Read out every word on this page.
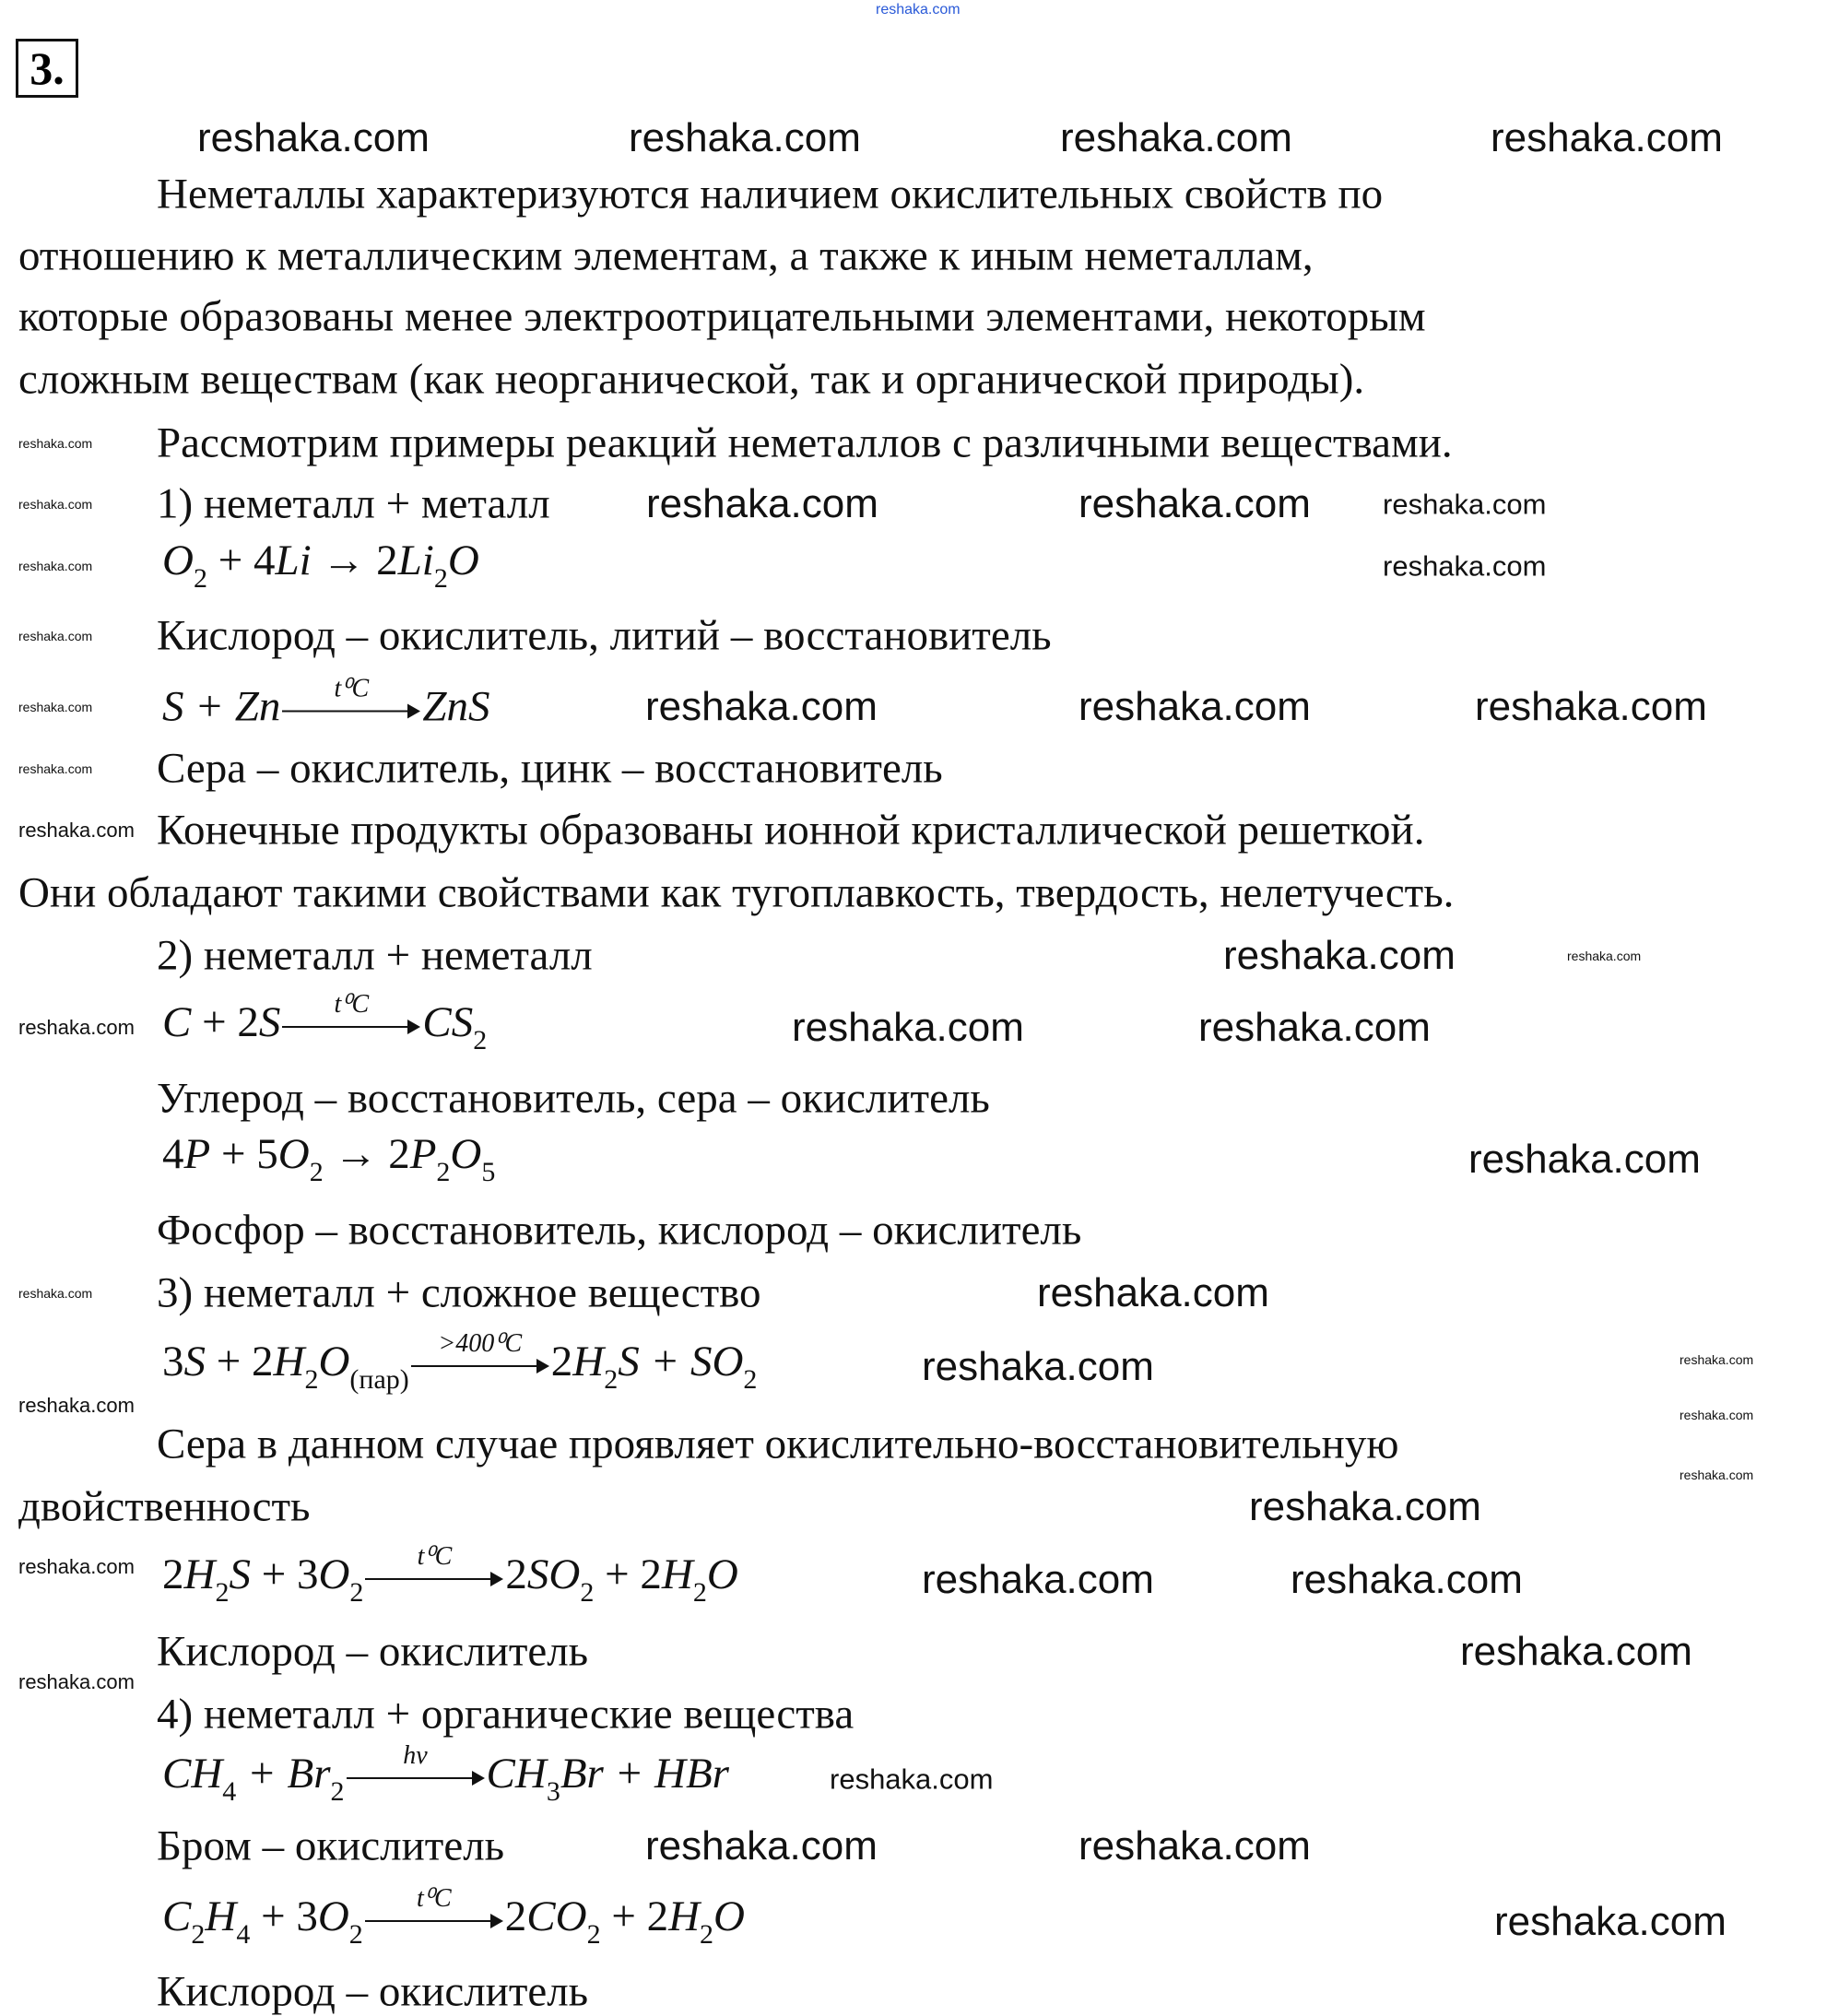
3.
reshaka.com
Неметаллы характеризуются наличием окислительных свойств по
отношению к металлическим элементам, а также к иным неметаллам,
которые образованы менее электроотрицательными элементами, некоторым
сложным веществам (как неорганической, так и органической природы).
Рассмотрим примеры реакций неметаллов с различными веществами.
1) неметалл + металл
Кислород – окислитель, литий – восстановитель
Сера – окислитель, цинк – восстановитель
Конечные продукты образованы ионной кристаллической решеткой.
Они обладают такими свойствами как тугоплавкость, твердость, нелетучесть.
2) неметалл + неметалл
Углерод – восстановитель, сера – окислитель
Фосфор – восстановитель, кислород – окислитель
3) неметалл + сложное вещество
Сера в данном случае проявляет окислительно-восстановительную
двойственность
Кислород – окислитель
4) неметалл + органические вещества
Бром – окислитель
Кислород – окислитель
$O_2 + 4Li \to 2Li_2O$
S + Zn	t⁰C	ZnS
C + 2S	t⁰C	$CS_2$
$4P + 5O_2 \to 2P_2O_5$
$3S + 2H_2O_{(пар)}$
>400⁰C $2H_2S + SO_2$
$2H_2S + 3O_2$
t⁰C	$2SO_2 + 2H_2O$
$CH_4 + Br_2$
hv	$CH_3Br$ + HBr
$C_2H_4 + 3O_2$
t⁰C	$2CO_2 + 2H_2O$
reshaka.com	reshaka.com	reshaka.com	reshaka.com
reshaka.com	reshaka.com
reshaka.com	reshaka.com	reshaka.com
reshaka.com
reshaka.com	reshaka.com
reshaka.com
reshaka.com
reshaka.com
reshaka.com
reshaka.com	reshaka.com
reshaka.com
reshaka.com	reshaka.com
reshaka.com
reshaka.com
reshaka.com
reshaka.com
reshaka.com
reshaka.com
reshaka.com
reshaka.com
reshaka.com
reshaka.com
reshaka.com
reshaka.com
reshaka.com
reshaka.com
reshaka.com
reshaka.com
reshaka.com
reshaka.com
reshaka.com
reshaka.com
